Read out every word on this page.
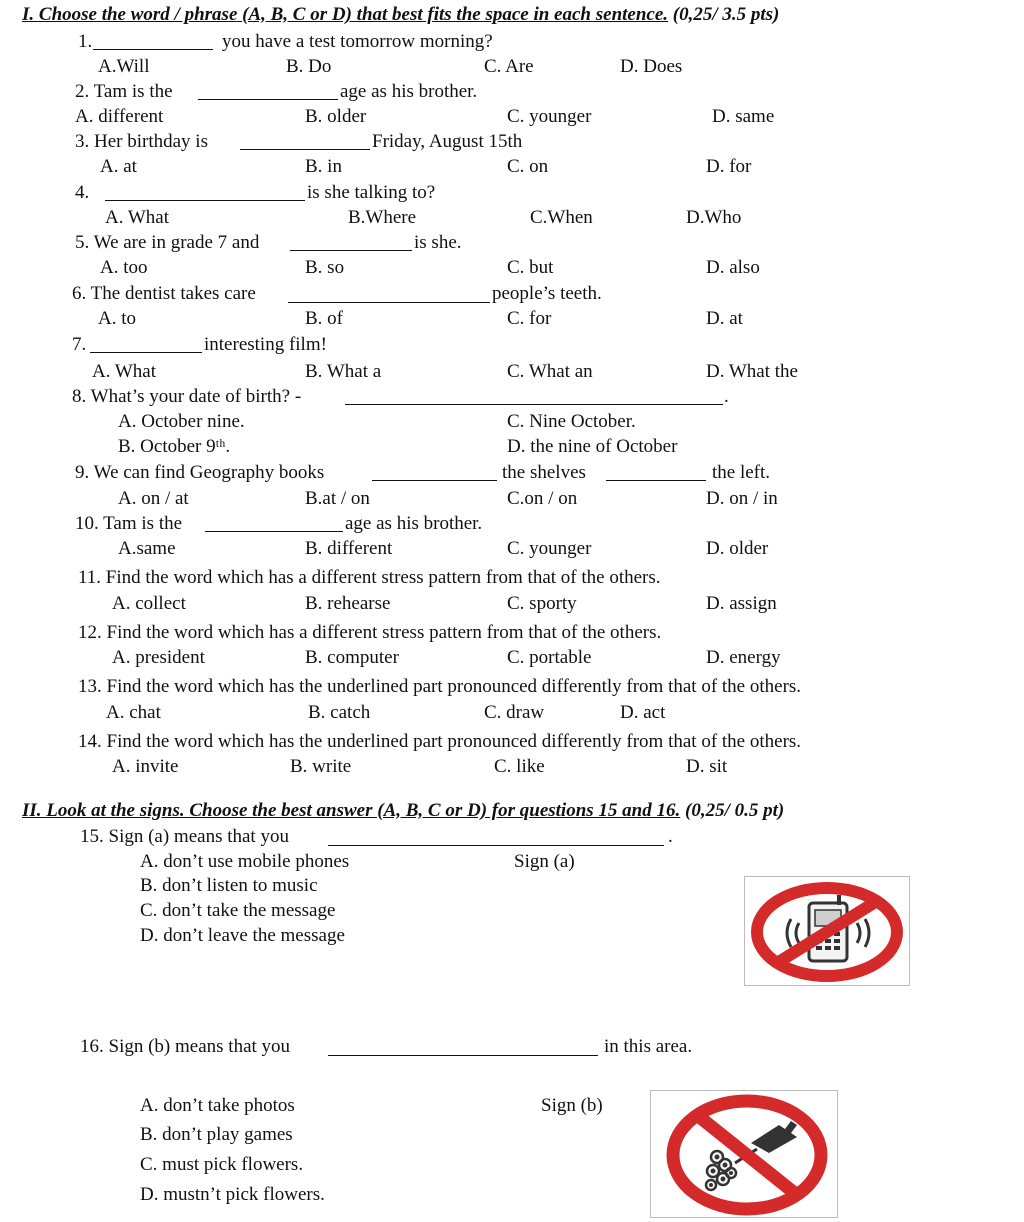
I. Choose the word / phrase (A, B, C or D) that best fits the space in each sentence. (0,25/ 3.5 pts)
1.	you have a test tomorrow morning?
A.Will	B. Do	C. Are	D. Does
2. Tam is the	age as his brother.
A. different	B. older	C. younger	D. same
3. Her birthday is	Friday, August 15th
A. at	B. in	C. on	D. for
4.	is she talking to?
A. What	B.Where	C.When	D.Who
5. We are in grade 7 and	is she.
A. too	B. so	C. but	D. also
6. The dentist takes care	people’s teeth.
A. to	B. of	C. for	D. at
7.	interesting film!
A. What	B. What a	C. What an	D. What the
8. What’s your date of birth? -	.
A. October nine.	C. Nine October.
B. October 9ᵗʰ.	D. the nine of October
9. We can find Geography books	the shelves	the left.
A. on / at	B.at / on	C.on / on	D. on / in
10. Tam is the	age as his brother.
A.same	B. different	C. younger	D. older
11. Find the word which has a different stress pattern from that of the others.
A. collect	B. rehearse	C. sporty	D. assign
12. Find the word which has a different stress pattern from that of the others.
A. president	B. computer	C. portable	D. energy
13. Find the word which has the underlined part pronounced differently from that of the others.
A. chat	B. catch	C. draw	D. act
14. Find the word which has the underlined part pronounced differently from that of the others.
A. invite	B. write	C. like	D. sit
II. Look at the signs. Choose the best answer (A, B, C or D) for questions 15 and 16. (0,25/ 0.5 pt)
15. Sign (a) means that you	.
A. don’t use mobile phones
B. don’t listen to music
C. don’t take the message
D. don’t leave the message
Sign (a)
16. Sign (b) means that you	in this area.
A. don’t take photos
B. don’t play games
C. must pick flowers.
D. mustn’t pick flowers.
Sign (b)
